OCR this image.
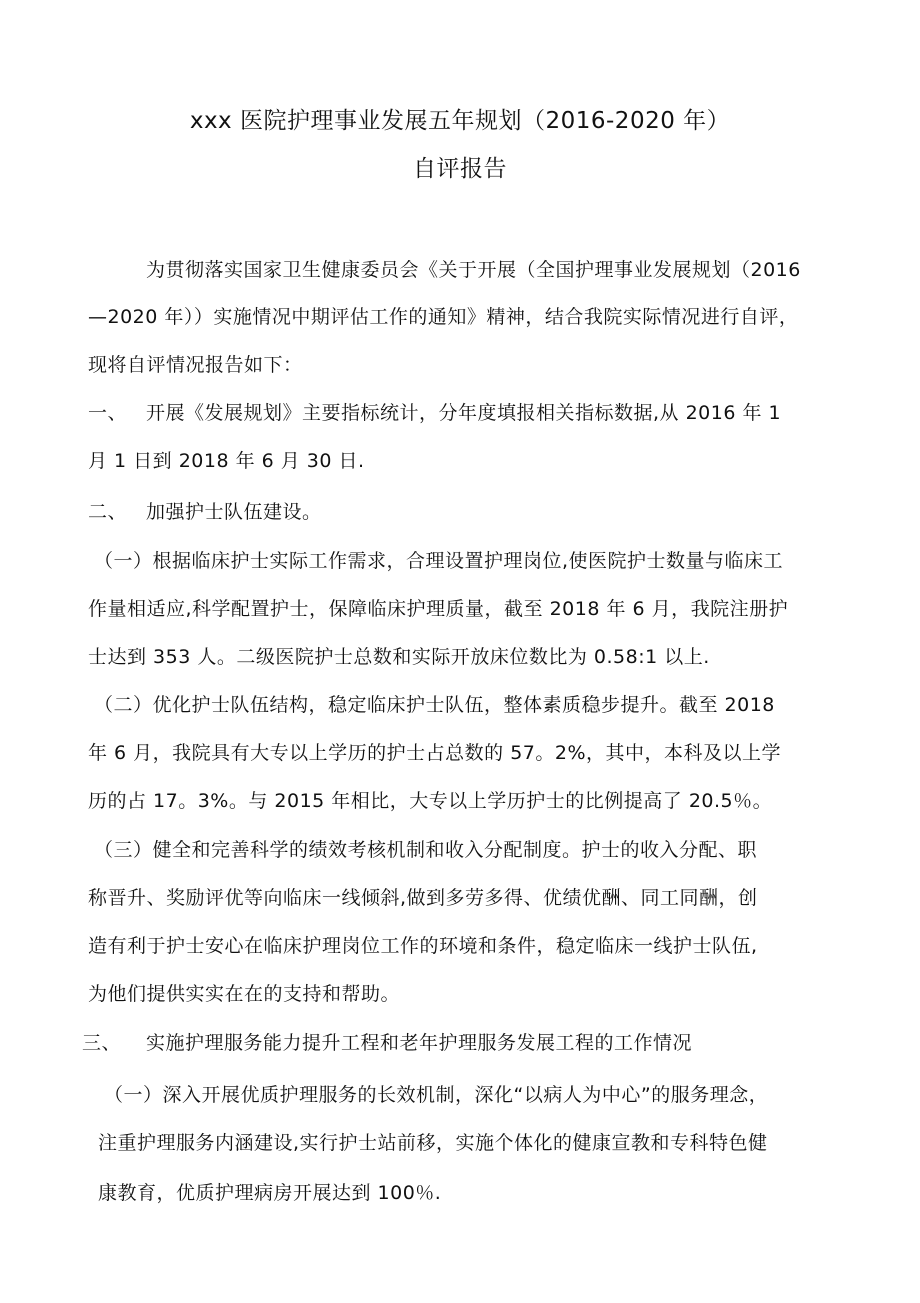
xxx 医院护理事业发展五年规划（2016-2020 年）
自评报告

为贯彻落实国家卫生健康委员会《关于开展（全国护理事业发展规划（2016

—2020 年））实施情况中期评估工作的通知》精神，结合我院实际情况进行自评，

现将自评情况报告如下：

一、 开展《发展规划》主要指标统计，分年度填报相关指标数据,从 2016 年 1

月 1 日到 2018 年 6 月 30 日.

二、 加强护士队伍建设。

（一）根据临床护士实际工作需求，合理设置护理岗位,使医院护士数量与临床工

作量相适应,科学配置护士，保障临床护理质量，截至 2018 年 6 月，我院注册护

士达到 353 人。二级医院护士总数和实际开放床位数比为 0.58:1 以上.

（二）优化护士队伍结构，稳定临床护士队伍，整体素质稳步提升。截至 2018

年 6 月，我院具有大专以上学历的护士占总数的 57。2%，其中，本科及以上学

历的占 17。3%。与 2015 年相比，大专以上学历护士的比例提高了 20.5％。

（三）健全和完善科学的绩效考核机制和收入分配制度。护士的收入分配、职

称晋升、奖励评优等向临床一线倾斜,做到多劳多得、优绩优酬、同工同酬，创

造有利于护士安心在临床护理岗位工作的环境和条件，稳定临床一线护士队伍,

为他们提供实实在在的支持和帮助。

三、 实施护理服务能力提升工程和老年护理服务发展工程的工作情况

（一）深入开展优质护理服务的长效机制，深化“以病人为中心”的服务理念，

注重护理服务内涵建设,实行护士站前移，实施个体化的健康宣教和专科特色健

康教育，优质护理病房开展达到 100％.
